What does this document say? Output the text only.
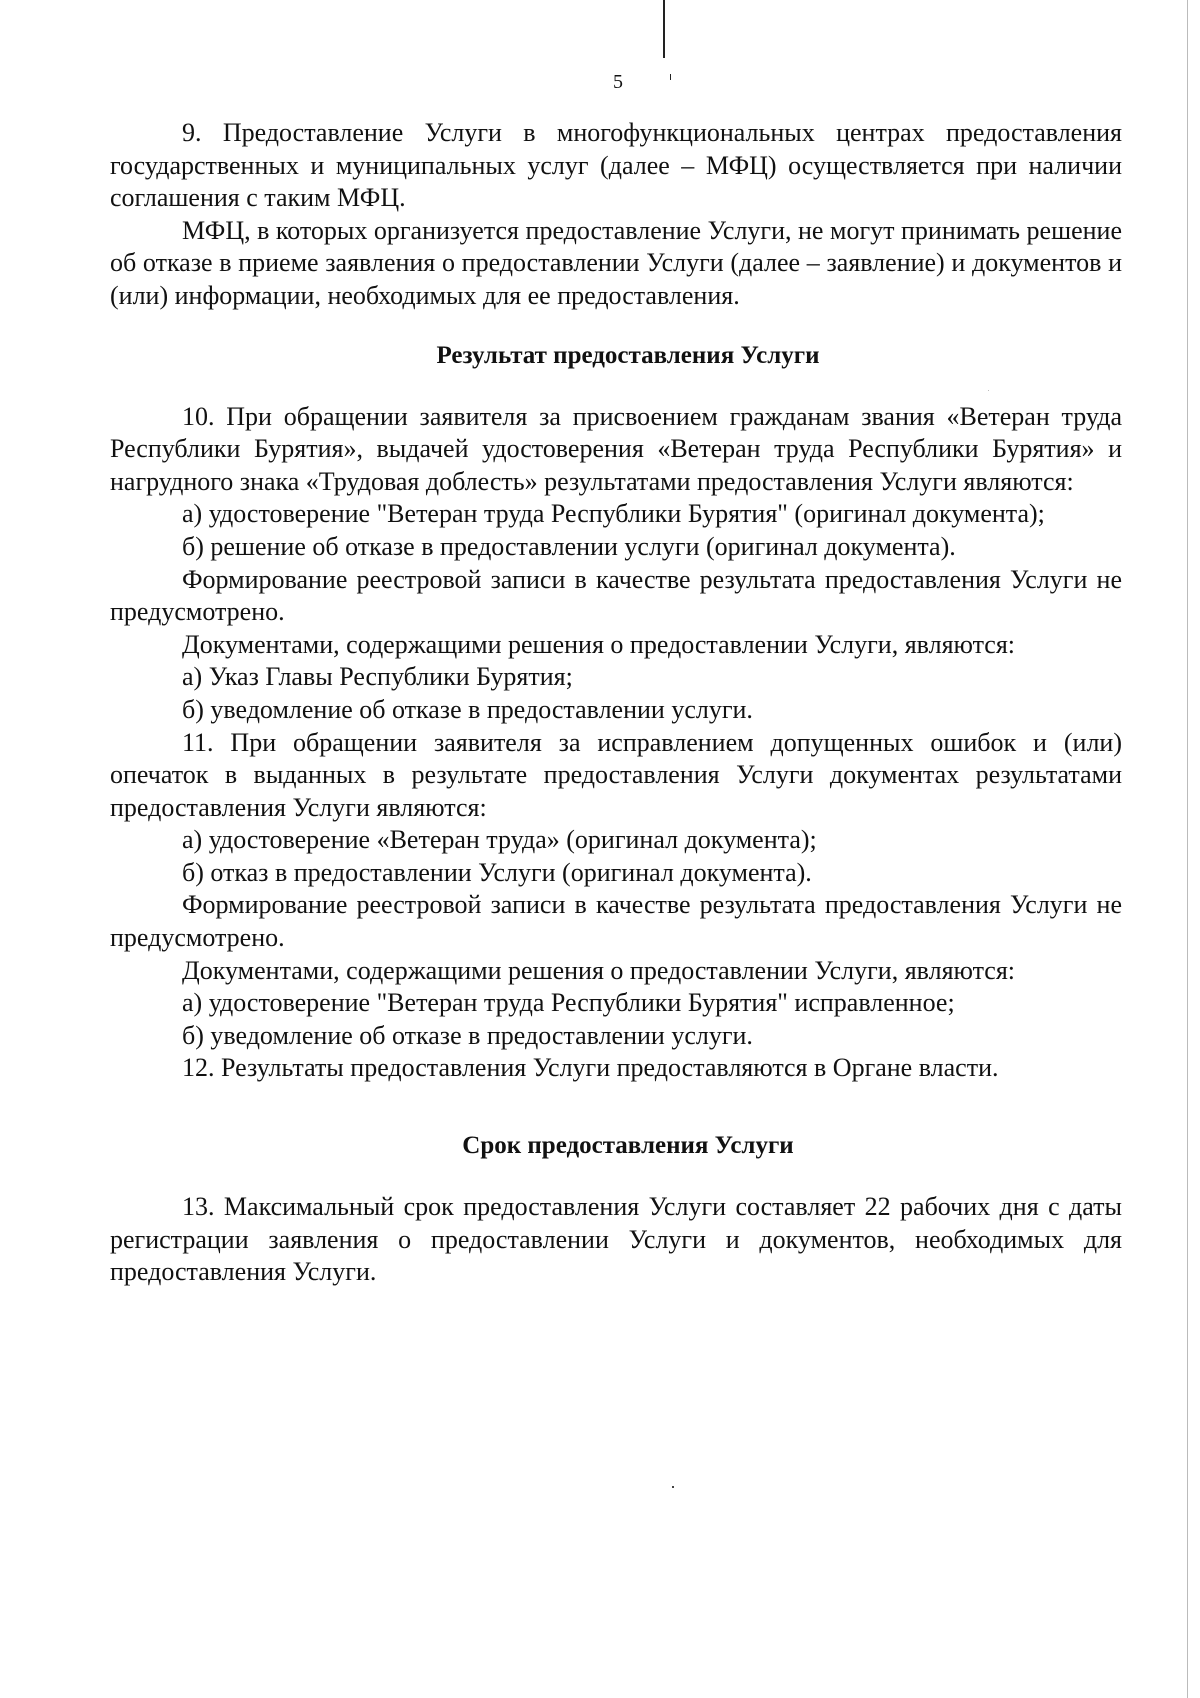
5

9. Предоставление Услуги в многофункциональных центрах предоставления государственных и муниципальных услуг (далее – МФЦ) осуществляется при наличии соглашения с таким МФЦ.

МФЦ, в которых организуется предоставление Услуги, не могут принимать решение об отказе в приеме заявления о предоставлении Услуги (далее – заявление) и документов и (или) информации, необходимых для ее предоставления.

Результат предоставления Услуги

10. При обращении заявителя за присвоением гражданам звания «Ветеран труда Республики Бурятия», выдачей удостоверения «Ветеран труда Республики Бурятия» и нагрудного знака «Трудовая доблесть» результатами предоставления Услуги являются:

а) удостоверение "Ветеран труда Республики Бурятия" (оригинал документа);

б) решение об отказе в предоставлении услуги (оригинал документа).

Формирование реестровой записи в качестве результата предоставления Услуги не предусмотрено.

Документами, содержащими решения о предоставлении Услуги, являются:

а) Указ Главы Республики Бурятия;

б) уведомление об отказе в предоставлении услуги.

11. При обращении заявителя за исправлением допущенных ошибок и (или) опечаток в выданных в результате предоставления Услуги документах результатами предоставления Услуги являются:

а) удостоверение «Ветеран труда» (оригинал документа);

б) отказ в предоставлении Услуги (оригинал документа).

Формирование реестровой записи в качестве результата предоставления Услуги не предусмотрено.

Документами, содержащими решения о предоставлении Услуги, являются:

а) удостоверение "Ветеран труда Республики Бурятия" исправленное;

б) уведомление об отказе в предоставлении услуги.

12. Результаты предоставления Услуги предоставляются в Органе власти.

Срок предоставления Услуги

13. Максимальный срок предоставления Услуги составляет 22 рабочих дня с даты регистрации заявления о предоставлении Услуги и документов, необходимых для предоставления Услуги.
